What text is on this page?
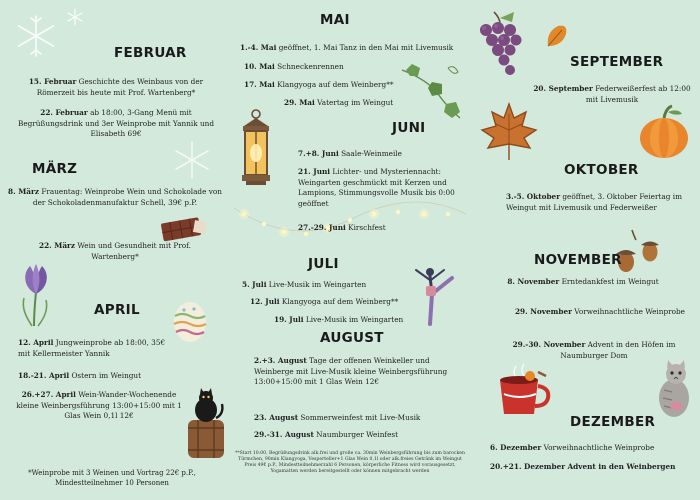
FEBRUAR

15. Februar Geschichte des Weinbaus von der Römerzeit bis heute mit Prof. Wartenberg*

22. Februar ab 18:00, 3-Gang Menü mit Begrüßungsdrink und 3er Weinprobe mit Yannik und Elisabeth 69€

MÄRZ

8. März Frauentag: Weinprobe Wein und Schokolade von der Schokoladenmanufaktur Schell, 39€ p.P.

22. März Wein und Gesundheit mit Prof. Wartenberg*

APRIL

12. April Jungweinprobe ab 18:00, 35€ mit Kellermeister Yannik

18.-21. April Ostern im Weingut

26.+27. April Wein-Wander-Wochenende kleine Weinbergsführung 13:00+15:00 mit 1 Glas Wein 0,1l 12€

*Weinprobe mit 3 Weinen und Vortrag 22€ p.P., Mindestteilnehmer 10 Personen

MAI

1.-4. Mai geöffnet, 1. Mai Tanz in den Mai mit Livemusik

10. Mai Schneckenrennen

17. Mai Klangyoga auf dem Weinberg**

29. Mai Vatertag im Weingut

JUNI

7.+8. Juni Saale-Weinmeile

21. Juni Lichter- und Mysteriennacht: Weingarten geschmückt mit Kerzen und Lampions, Stimmungsvolle Musik bis 0:00 geöffnet

27.-29. Juni Kirschfest

JULI

5. Juli Live-Musik im Weingarten

12. Juli Klangyoga auf dem Weinberg**

19. Juli Live-Musik im Weingarten

AUGUST

2.+3. August Tage der offenen Weinkeller und Weinberge mit Live-Musik kleine Weinbergsführung 13:00+15:00 mit 1 Glas Wein 12€

23. August Sommerweinfest mit Live-Musik

29.-31. August Naumburger Weinfest

**Start 10:00, Begrüßungsdrink alk.frei und große ca. 30min Weinbergsführung bis zum barocken Türmchen, 90min Klangyoga, Vesperteller+1 Glas Wein 0,1l oder alk.freies Getränk im Weingut Preis 49€ p.P., Mindestteilnehmerzahl 6 Personen, körperliche Fitness wird vorausgesetzt, Yogamatten werden bereitgestellt oder können mitgebracht werden

SEPTEMBER

20. September Federweißerfest ab 12:00 mit Livemusik

OKTOBER

3.-5. Oktober geöffnet, 3. Oktober Feiertag im Weingut mit Livemusik und Federweißer

NOVEMBER

8. November Erntedankfest im Weingut

29. November Vorweihnachtliche Weinprobe

29.-30. November Advent in den Höfen im Naumburger Dom

DEZEMBER

6. Dezember Vorweihnachtliche Weinprobe

20.+21. Dezember Advent in den Weinbergen
